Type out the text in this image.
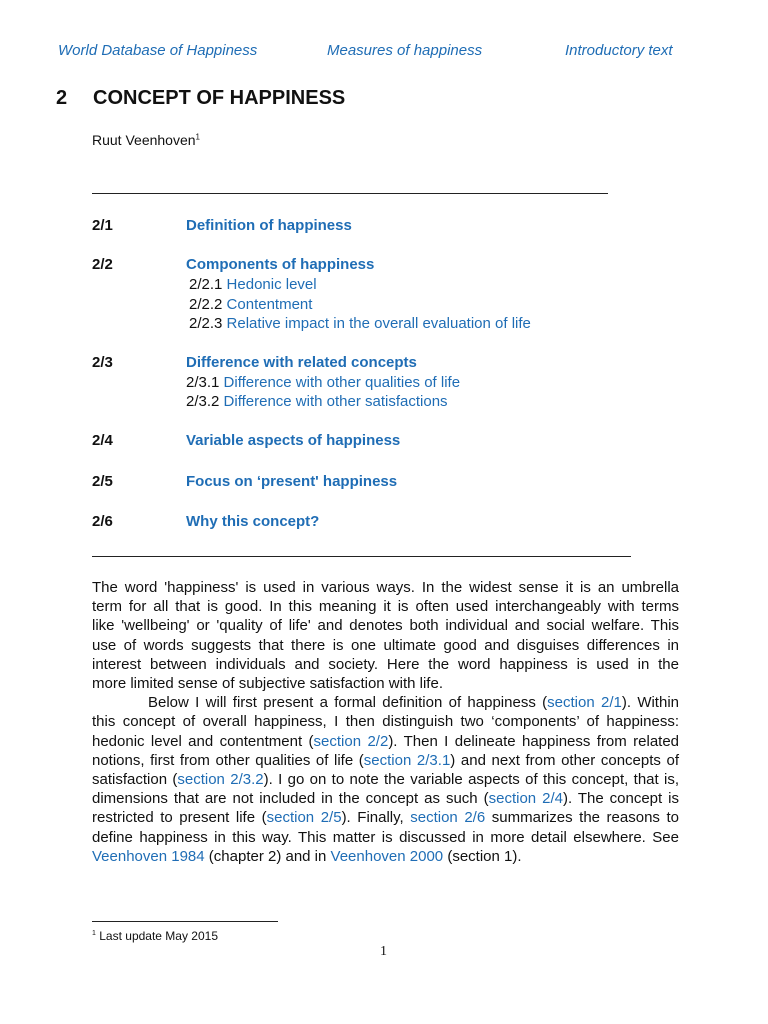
World Database of Happiness	Measures of happiness	Introductory text
2 CONCEPT OF HAPPINESS
Ruut Veenhoven$^1$
2/1	Definition of happiness
2/2	Components of happiness
2/2.1 Hedonic level
2/2.2 Contentment
2/2.3 Relative impact in the overall evaluation of life
2/3	Difference with related concepts
2/3.1 Difference with other qualities of life
2/3.2 Difference with other satisfactions
2/4	Variable aspects of happiness
2/5	Focus on ‘present' happiness
2/6	Why this concept?
The word 'happiness' is used in various ways. In the widest sense it is an umbrella
term for all that is good. In this meaning it is often used interchangeably with terms
like 'wellbeing' or 'quality of life' and denotes both individual and social welfare. This
use of words suggests that there is one ultimate good and disguises differences in
interest between individuals and society. Here the word happiness is used in the
more limited sense of subjective satisfaction with life.
Below I will first present a formal definition of happiness (section 2/1). Within
this concept of overall happiness, I then distinguish two ‘components’ of happiness:
hedonic level and contentment (section 2/2). Then I delineate happiness from related
notions, first from other qualities of life (section 2/3.1) and next from other concepts of
satisfaction (section 2/3.2). I go on to note the variable aspects of this concept, that is,
dimensions that are not included in the concept as such (section 2/4). The concept is
restricted to present life (section 2/5). Finally, section 2/6 summarizes the reasons to
define happiness in this way. This matter is discussed in more detail elsewhere. See
Veenhoven 1984 (chapter 2) and in Veenhoven 2000 (section 1).
$^1$ Last update May 2015
1
